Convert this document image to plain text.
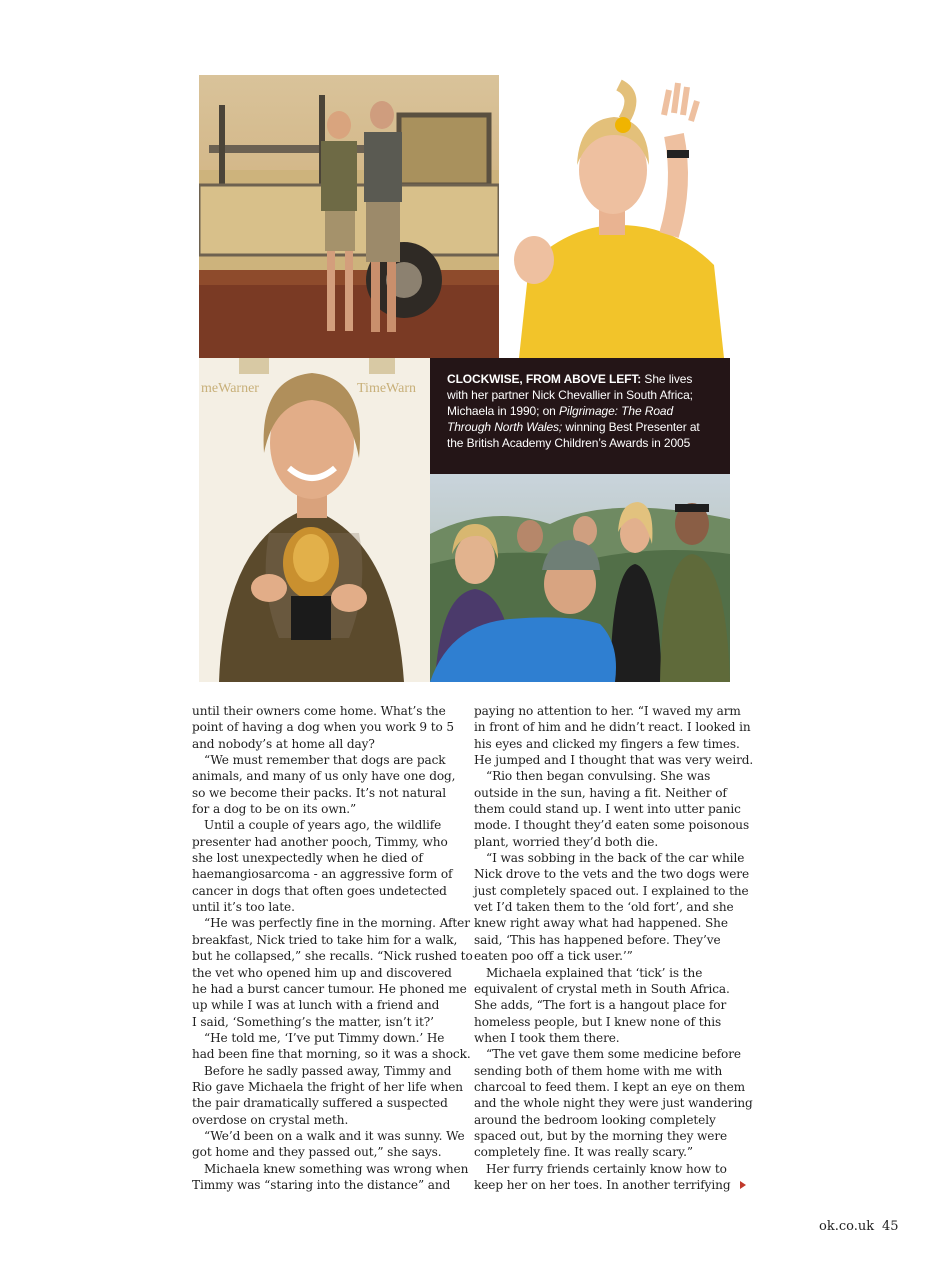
meWarner	TimeWarn
CLOCKWISE, FROM ABOVE LEFT: She lives with her partner Nick Chevallier in South Africa; Michaela in 1990; on Pilgrimage: The Road Through North Wales; winning Best Presenter at the British Academy Children’s Awards in 2005

until their owners come home. What’s the

point of having a dog when you work 9 to 5

and nobody’s at home all day?

“We must remember that dogs are pack

animals, and many of us only have one dog,

so we become their packs. It’s not natural

for a dog to be on its own.”

Until a couple of years ago, the wildlife

presenter had another pooch, Timmy, who

she lost unexpectedly when he died of

haemangiosarcoma - an aggressive form of

cancer in dogs that often goes undetected

until it’s too late.

“He was perfectly fine in the morning. After

breakfast, Nick tried to take him for a walk,

but he collapsed,” she recalls. “Nick rushed to

the vet who opened him up and discovered

he had a burst cancer tumour. He phoned me

up while I was at lunch with a friend and

I said, ‘Something’s the matter, isn’t it?’

“He told me, ‘I’ve put Timmy down.’ He

had been fine that morning, so it was a shock.

Before he sadly passed away, Timmy and

Rio gave Michaela the fright of her life when

the pair dramatically suffered a suspected

overdose on crystal meth.

“We’d been on a walk and it was sunny. We

got home and they passed out,” she says.

Michaela knew something was wrong when

Timmy was “staring into the distance” and

paying no attention to her. “I waved my arm

in front of him and he didn’t react. I looked in

his eyes and clicked my fingers a few times.

He jumped and I thought that was very weird.

“Rio then began convulsing. She was

outside in the sun, having a fit. Neither of

them could stand up. I went into utter panic

mode. I thought they’d eaten some poisonous

plant, worried they’d both die.

“I was sobbing in the back of the car while

Nick drove to the vets and the two dogs were

just completely spaced out. I explained to the

vet I’d taken them to the ‘old fort’, and she

knew right away what had happened. She

said, ‘This has happened before. They’ve

eaten poo off a tick user.’”

Michaela explained that ‘tick’ is the

equivalent of crystal meth in South Africa.

She adds, “The fort is a hangout place for

homeless people, but I knew none of this

when I took them there.

“The vet gave them some medicine before

sending both of them home with me with

charcoal to feed them. I kept an eye on them

and the whole night they were just wandering

around the bedroom looking completely

spaced out, but by the morning they were

completely fine. It was really scary.”

Her furry friends certainly know how to

keep her on her toes. In another terrifying

ok.co.uk 45
